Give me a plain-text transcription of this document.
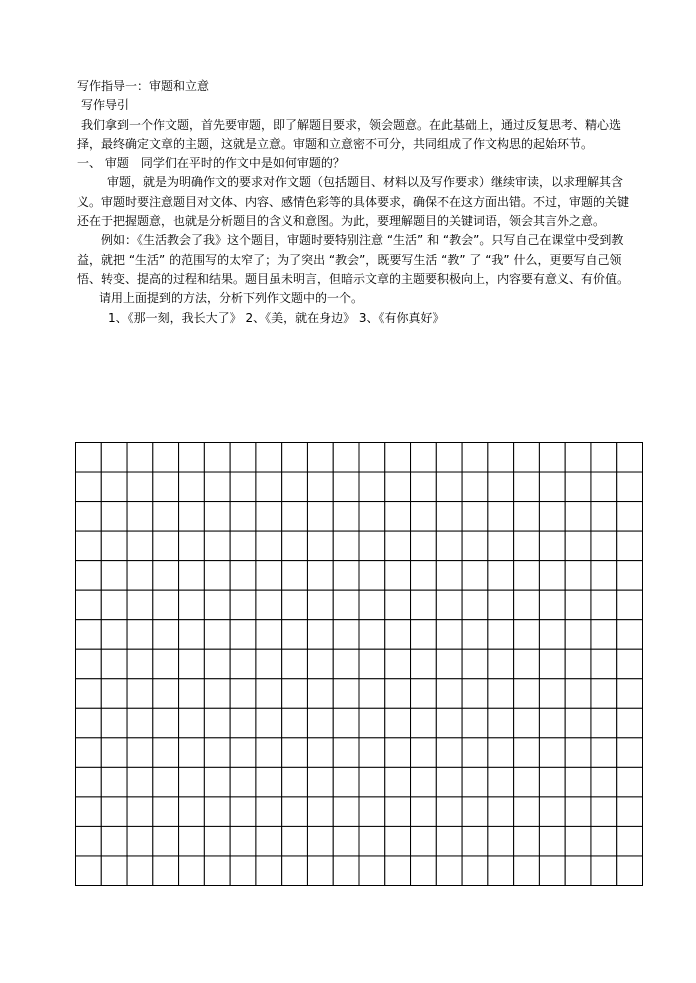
写作指导一：审题和立意

写作导引

我们拿到一个作文题，首先要审题，即了解题目要求，领会题意。在此基础上，通过反复思考、精心选择，最终确定文章的主题，这就是立意。审题和立意密不可分，共同组成了作文构思的起始环节。

一、 审题　同学们在平时的作文中是如何审题的？

审题，就是为明确作文的要求对作文题（包括题目、材料以及写作要求）继续审读，以求理解其含义。审题时要注意题目对文体、内容、感情色彩等的具体要求，确保不在这方面出错。不过，审题的关键还在于把握题意，也就是分析题目的含义和意图。为此，要理解题目的关键词语，领会其言外之意。

例如：《生活教会了我》这个题目，审题时要特别注意 “生活” 和 “教会”。只写自己在课堂中受到教益，就把 “生活” 的范围写的太窄了；为了突出 “教会”，既要写生活 “教” 了 “我” 什么，更要写自己领悟、转变、提高的过程和结果。题目虽未明言，但暗示文章的主题要积极向上，内容要有意义、有价值。

请用上面提到的方法，分析下列作文题中的一个。

1、《那一刻，我长大了》 2、《美，就在身边》 3、《有你真好》
